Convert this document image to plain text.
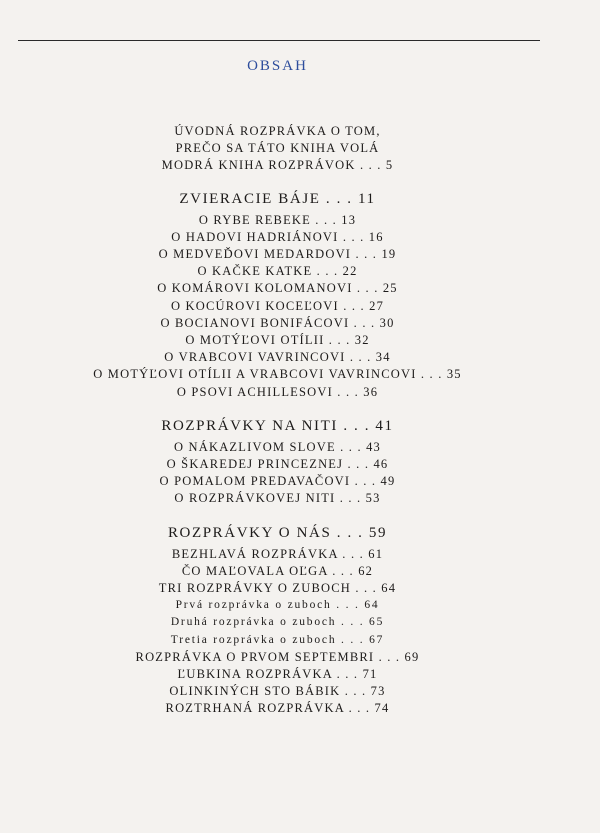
OBSAH
ÚVODNÁ ROZPRÁVKA O TOM,
PREČO SA TÁTO KNIHA VOLÁ
MODRÁ KNIHA ROZPRÁVOK . . . 5
ZVIERACIE BÁJE . . . 11
O RYBE REBEKE . . . 13
O HADOVI HADRIÁNOVI . . . 16
O MEDVEĎOVI MEDARDOVI . . . 19
O KAČKE KATKE . . . 22
O KOMÁROVI KOLOMANOVI . . . 25
O KOCÚROVI KOCEĽOVI . . . 27
O BOCIANOVI BONIFÁCOVI . . . 30
O MOTÝĽOVI OTÍLII . . . 32
O VRABCOVI VAVRINCOVI . . . 34
O MOTÝĽOVI OTÍLII A VRABCOVI VAVRINCOVI . . . 35
O PSOVI ACHILLESOVI . . . 36
ROZPRÁVKY NA NITI . . . 41
O NÁKAZLIVOM SLOVE . . . 43
O ŠKAREDEJ PRINCEZNEJ . . . 46
O POMALOM PREDAVAČOVI . . . 49
O ROZPRÁVKOVEJ NITI . . . 53
ROZPRÁVKY O NÁS . . . 59
BEZHLAVÁ ROZPRÁVKA . . . 61
ČO MAĽOVALA OĽGA . . . 62
TRI ROZPRÁVKY O ZUBOCH . . . 64
Prvá rozprávka o zuboch . . . 64
Druhá rozprávka o zuboch . . . 65
Tretia rozprávka o zuboch . . . 67
ROZPRÁVKA O PRVOM SEPTEMBRI . . . 69
ĽUBKINA ROZPRÁVKA . . . 71
OLINKINÝCH STO BÁBIK . . . 73
ROZTRHANÁ ROZPRÁVKA . . . 74
